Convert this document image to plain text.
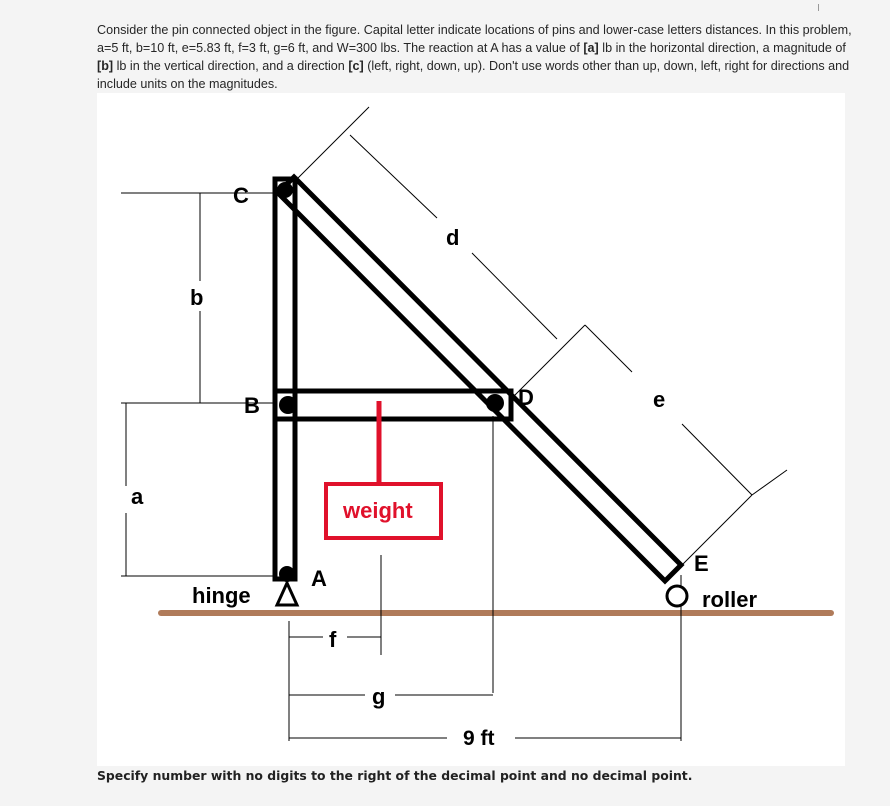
Consider the pin connected object in the figure. Capital letter indicate locations of pins and lower-case letters distances. In this problem, a=5 ft, b=10 ft, e=5.83 ft, f=3 ft, g=6 ft, and W=300 lbs. The reaction at A has a value of [a] lb in the horizontal direction, a magnitude of [b] lb in the vertical direction, and a direction [c] (left, right, down, up). Don't use words other than up, down, left, right for directions and include units on the magnitudes.
b
a
d
e
f
g
9 ft
weight
C
B	D
A
E
hinge	roller
Specify number with no digits to the right of the decimal point and no decimal point.
